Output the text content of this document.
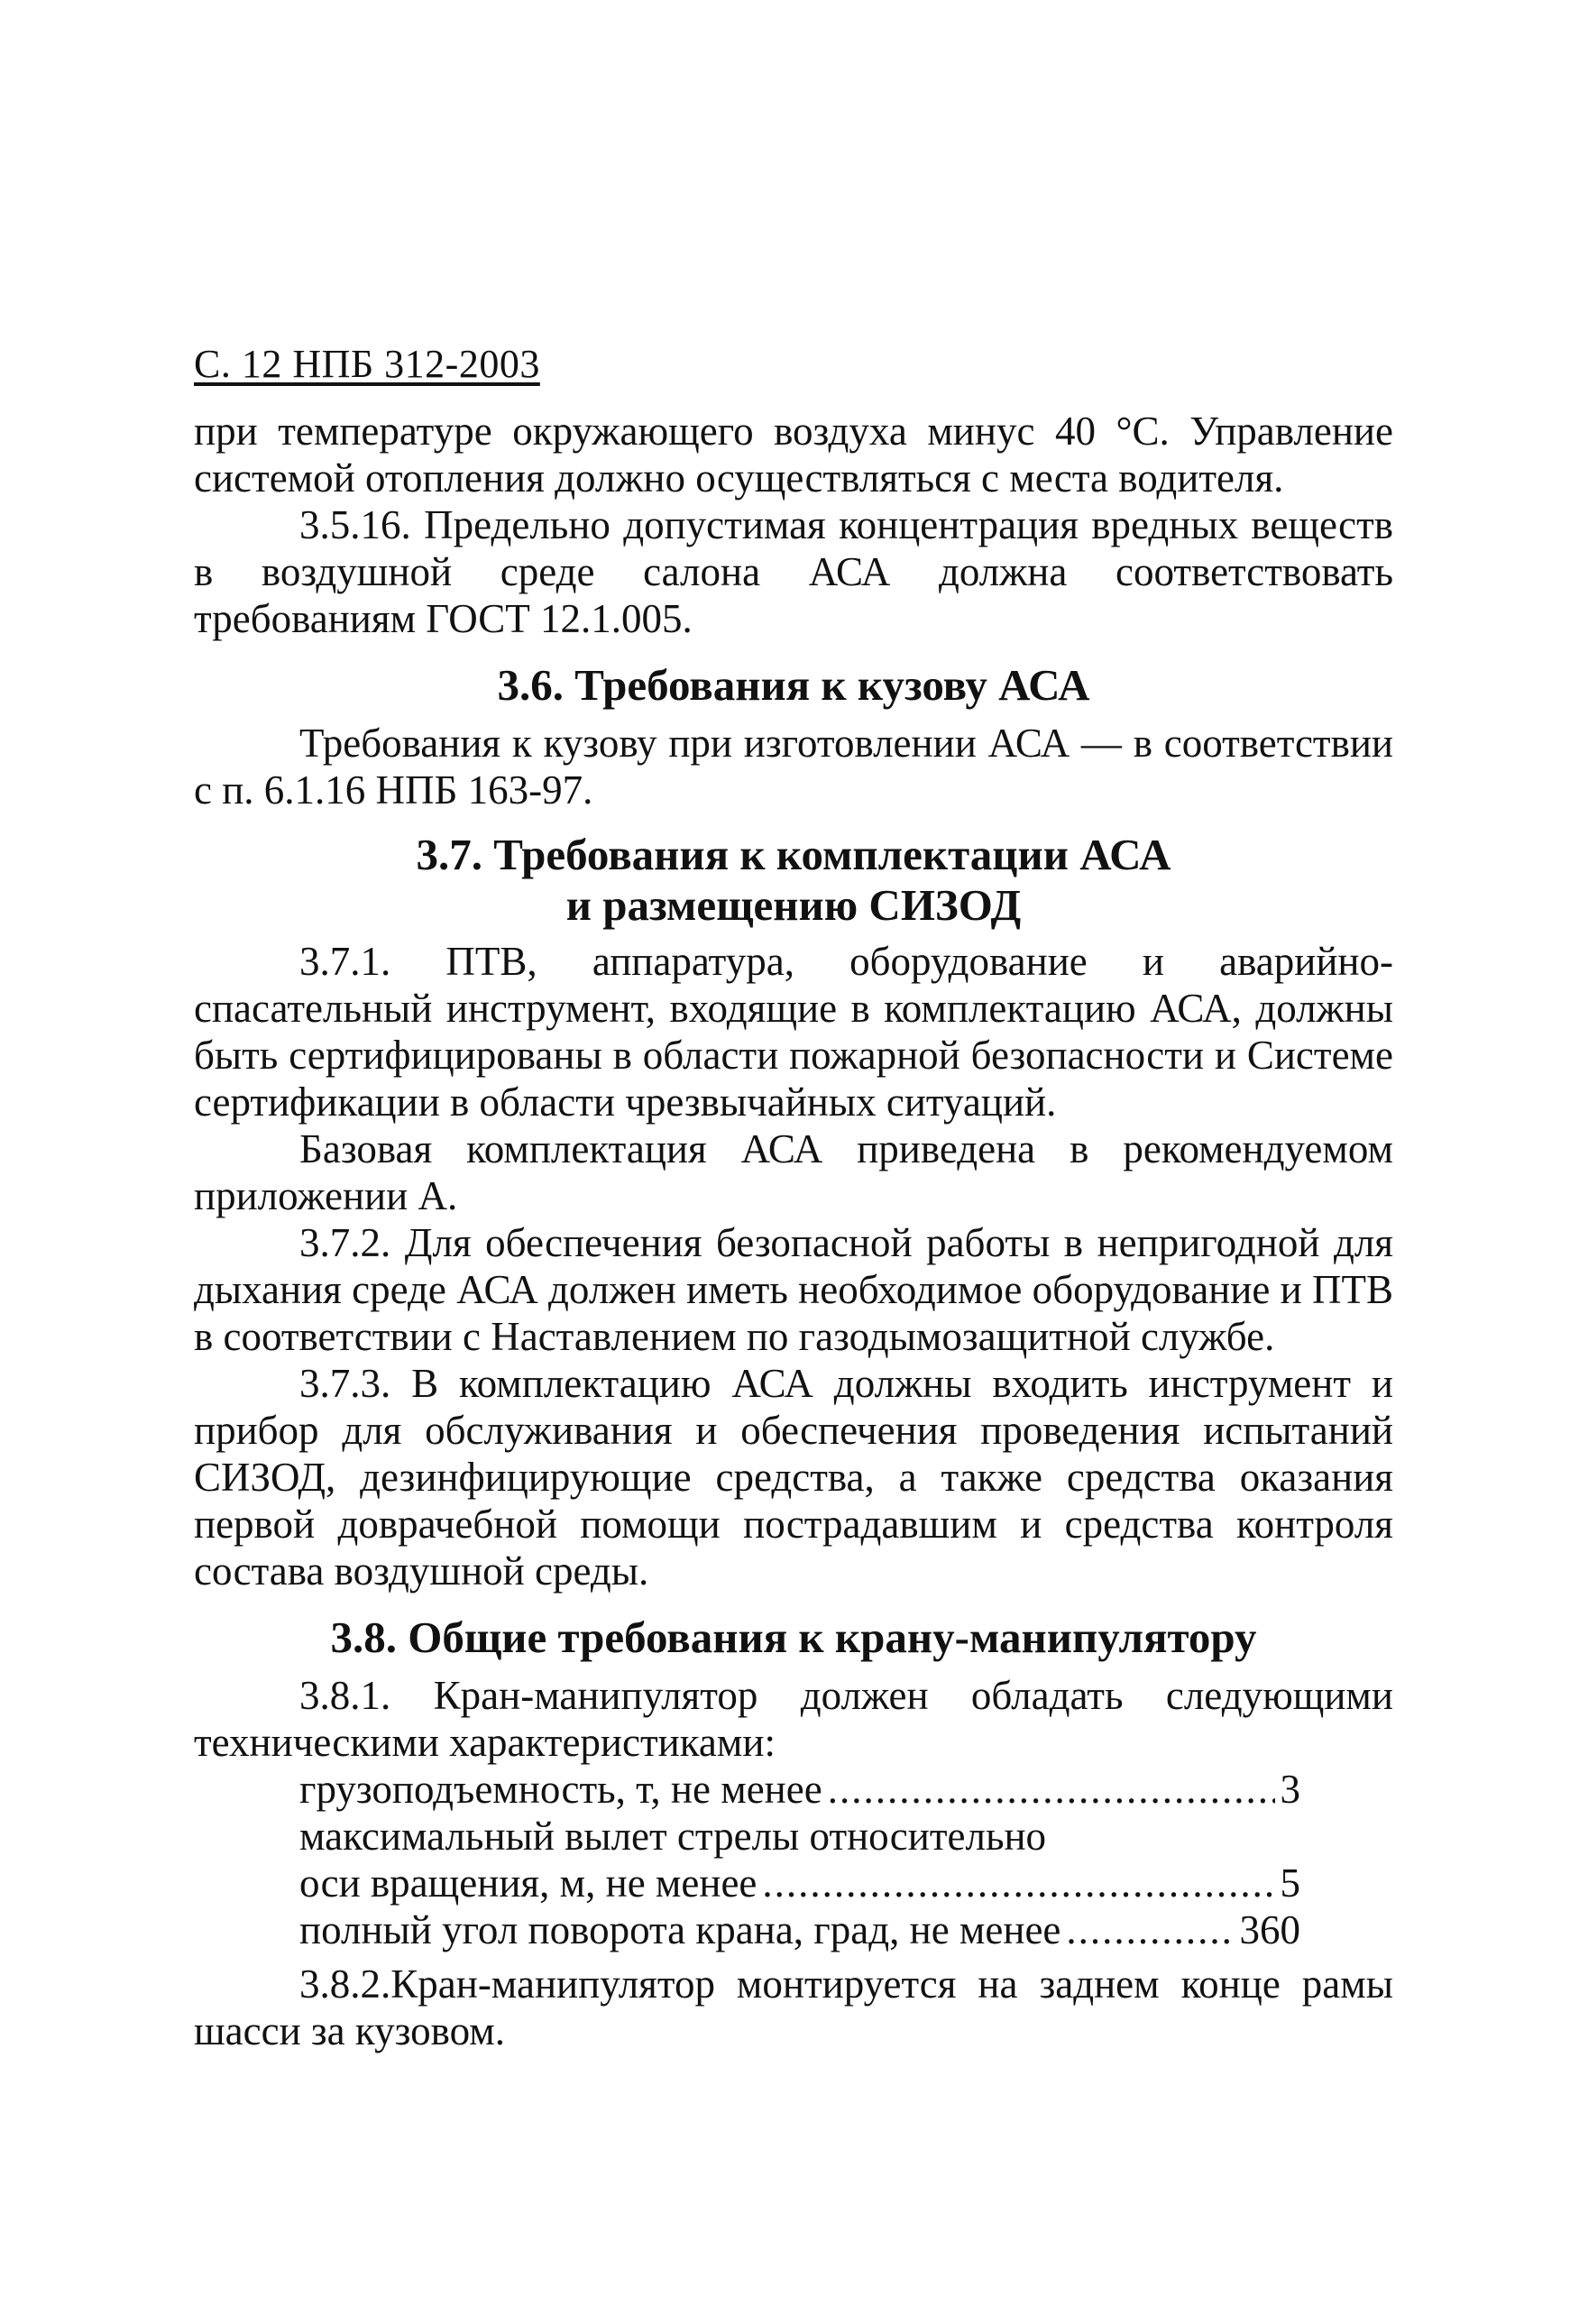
С. 12 НПБ 312-2003

при температуре окружающего воздуха минус 40 °С. Управление системой отопления должно осуществляться с места водителя.

3.5.16. Предельно допустимая концентрация вредных веществ в воздушной среде салона АСА должна соответствовать требованиям ГОСТ 12.1.005.

3.6. Требования к кузову АСА

Требования к кузову при изготовлении АСА — в соответствии с п. 6.1.16 НПБ 163-97.

3.7. Требования к комплектации АСА
и размещению СИЗОД

3.7.1. ПТВ, аппаратура, оборудование и аварийно-спасательный инструмент, входящие в комплектацию АСА, должны быть сертифицированы в области пожарной безопасности и Системе сертификации в области чрезвычайных ситуаций.

Базовая комплектация АСА приведена в рекомендуемом приложении А.

3.7.2. Для обеспечения безопасной работы в непригодной для дыхания среде АСА должен иметь необходимое оборудование и ПТВ в соответствии с Наставлением по газодымозащитной службе.

3.7.3. В комплектацию АСА должны входить инструмент и прибор для обслуживания и обеспечения проведения испытаний СИЗОД, дезинфицирующие средства, а также средства оказания первой доврачебной помощи пострадавшим и средства контроля состава воздушной среды.

3.8. Общие требования к крану-манипулятору

3.8.1. Кран-манипулятор должен обладать следующими техническими характеристиками:

грузоподъемность, т, не менее .....	3
максимальный вылет стрелы относительно
оси вращения, м, не менее .....	5
полный угол поворота крана, град, не менее .....	360

3.8.2.Кран-манипулятор монтируется на заднем конце рамы шасси за кузовом.
